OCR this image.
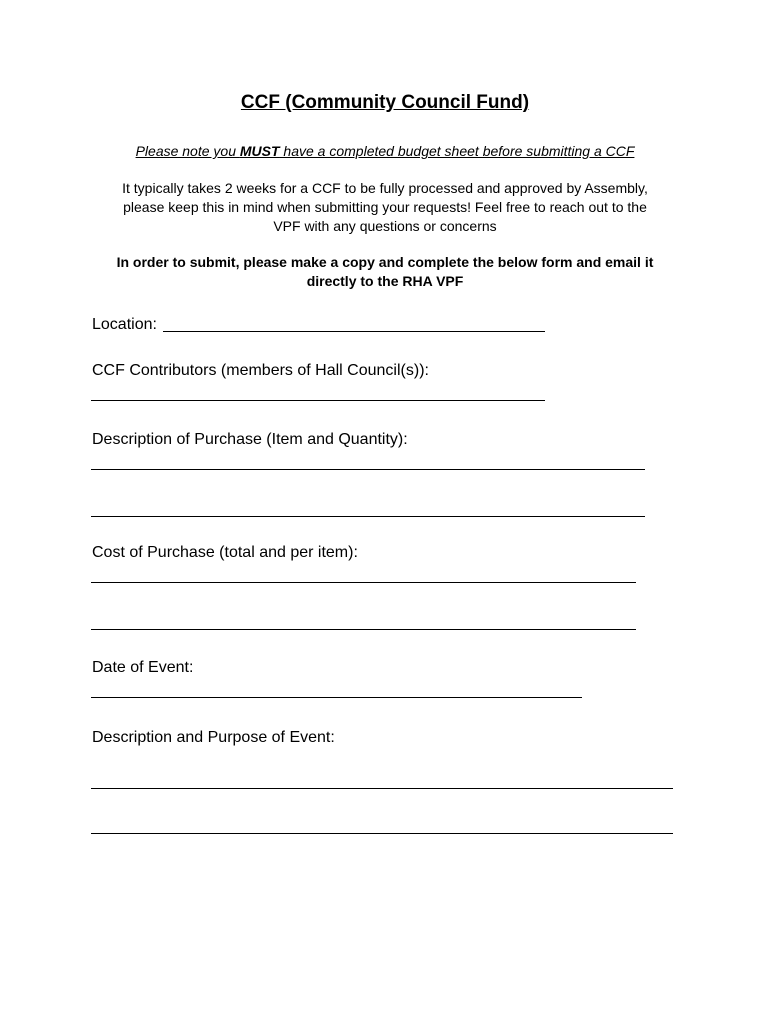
CCF (Community Council Fund)
Please note you MUST have a completed budget sheet before submitting a CCF
It typically takes 2 weeks for a CCF to be fully processed and approved by Assembly,
please keep this in mind when submitting your requests! Feel free to reach out to the
VPF with any questions or concerns
In order to submit, please make a copy and complete the below form and email it
directly to the RHA VPF
Location:
CCF Contributors (members of Hall Council(s)):
Description of Purchase (Item and Quantity):
Cost of Purchase (total and per item):
Date of Event:
Description and Purpose of Event:
